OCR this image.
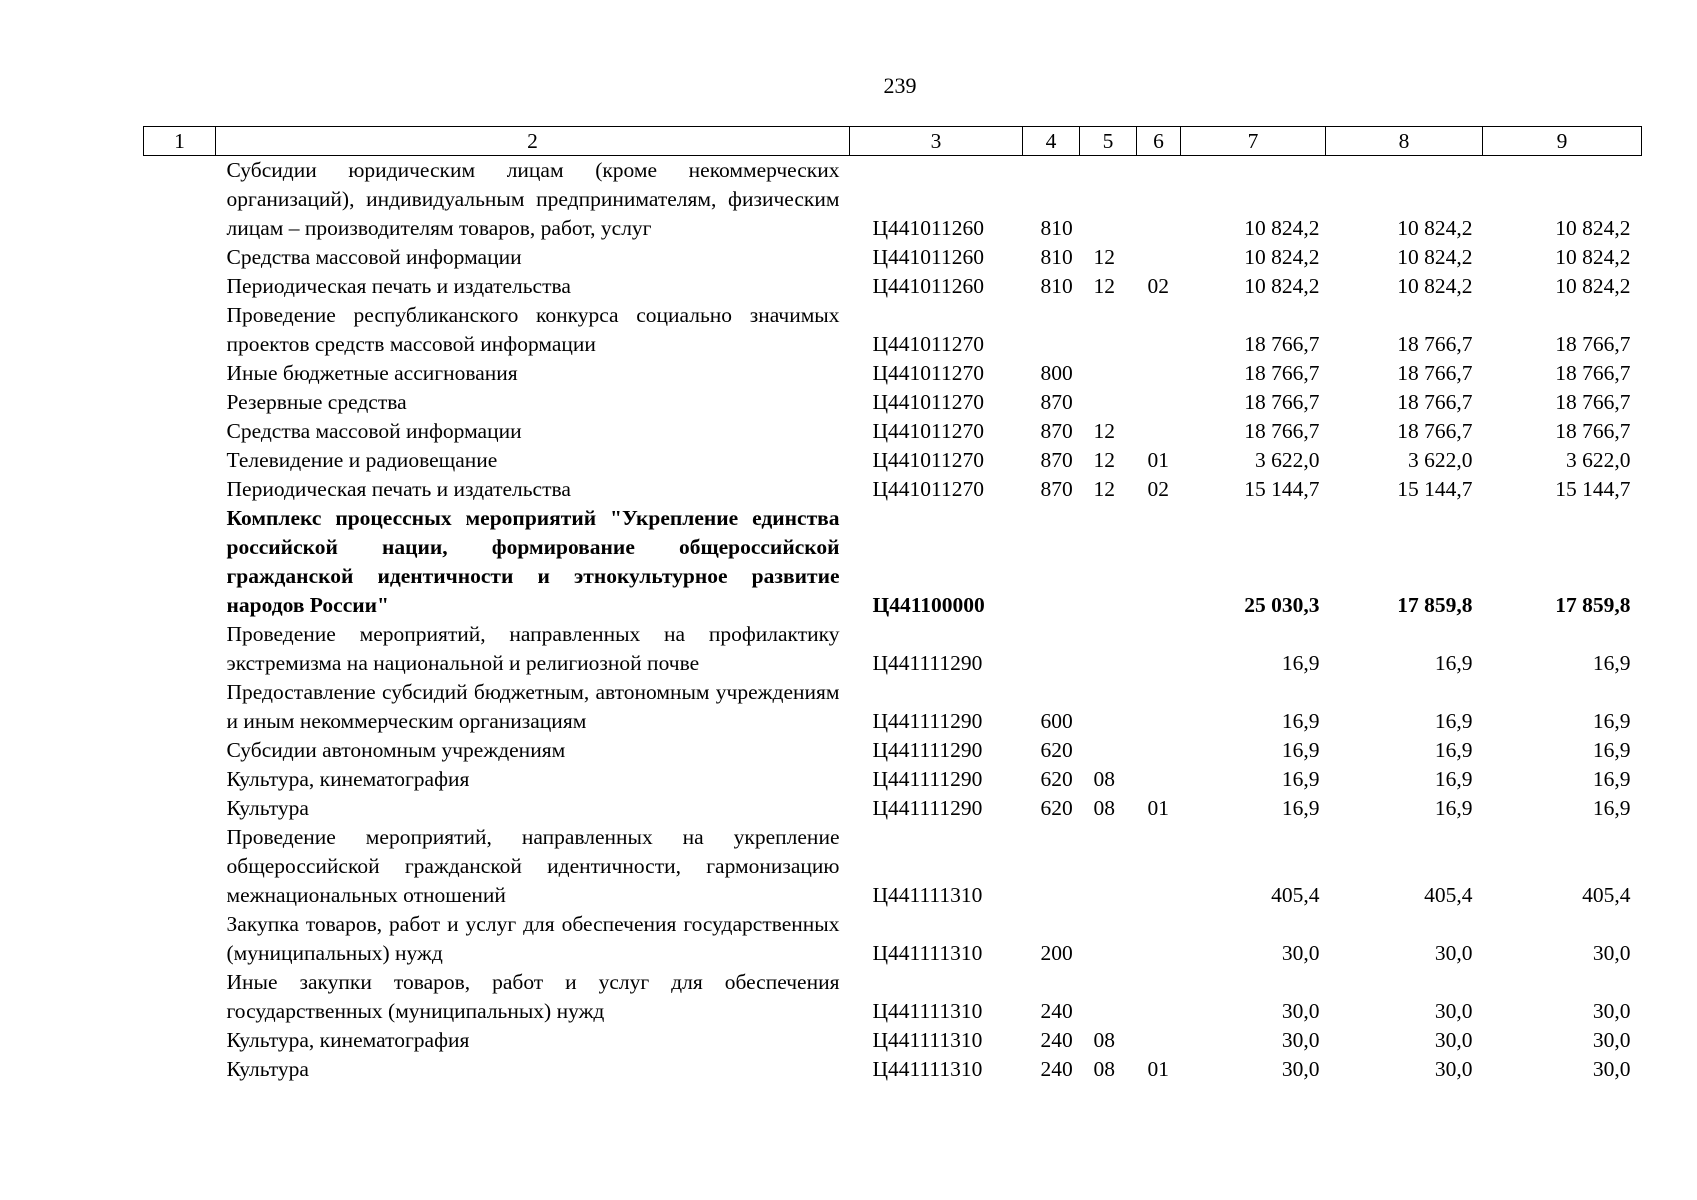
239
1	2	3	4	5	6	7	8	9
	Субсидии юридическим лицам (кроме некоммерческих организаций), индивидуальным предпринимателям, физическим лицам – производителям товаров, работ, услуг	Ц441011260	810			10 824,2	10 824,2	10 824,2
	Средства массовой информации	Ц441011260	810	12		10 824,2	10 824,2	10 824,2
	Периодическая печать и издательства	Ц441011260	810	12	02	10 824,2	10 824,2	10 824,2
	Проведение республиканского конкурса социально значимых проектов средств массовой информации	Ц441011270				18 766,7	18 766,7	18 766,7
	Иные бюджетные ассигнования	Ц441011270	800			18 766,7	18 766,7	18 766,7
	Резервные средства	Ц441011270	870			18 766,7	18 766,7	18 766,7
	Средства массовой информации	Ц441011270	870	12		18 766,7	18 766,7	18 766,7
	Телевидение и радиовещание	Ц441011270	870	12	01	3 622,0	3 622,0	3 622,0
	Периодическая печать и издательства	Ц441011270	870	12	02	15 144,7	15 144,7	15 144,7
	Комплекс процессных мероприятий "Укрепление единства российской нации, формирование общероссийской гражданской идентичности и этнокультурное развитие народов России"	Ц441100000				25 030,3	17 859,8	17 859,8
	Проведение мероприятий, направленных на профилактику экстремизма на национальной и религиозной почве	Ц441111290				16,9	16,9	16,9
	Предоставление субсидий бюджетным, автономным учреждениям и иным некоммерческим организациям	Ц441111290	600			16,9	16,9	16,9
	Субсидии автономным учреждениям	Ц441111290	620			16,9	16,9	16,9
	Культура, кинематография	Ц441111290	620	08		16,9	16,9	16,9
	Культура	Ц441111290	620	08	01	16,9	16,9	16,9
	Проведение мероприятий, направленных на укрепление общероссийской гражданской идентичности, гармонизацию межнациональных отношений	Ц441111310				405,4	405,4	405,4
	Закупка товаров, работ и услуг для обеспечения государственных (муниципальных) нужд	Ц441111310	200			30,0	30,0	30,0
	Иные закупки товаров, работ и услуг для обеспечения государственных (муниципальных) нужд	Ц441111310	240			30,0	30,0	30,0
	Культура, кинематография	Ц441111310	240	08		30,0	30,0	30,0
	Культура	Ц441111310	240	08	01	30,0	30,0	30,0
